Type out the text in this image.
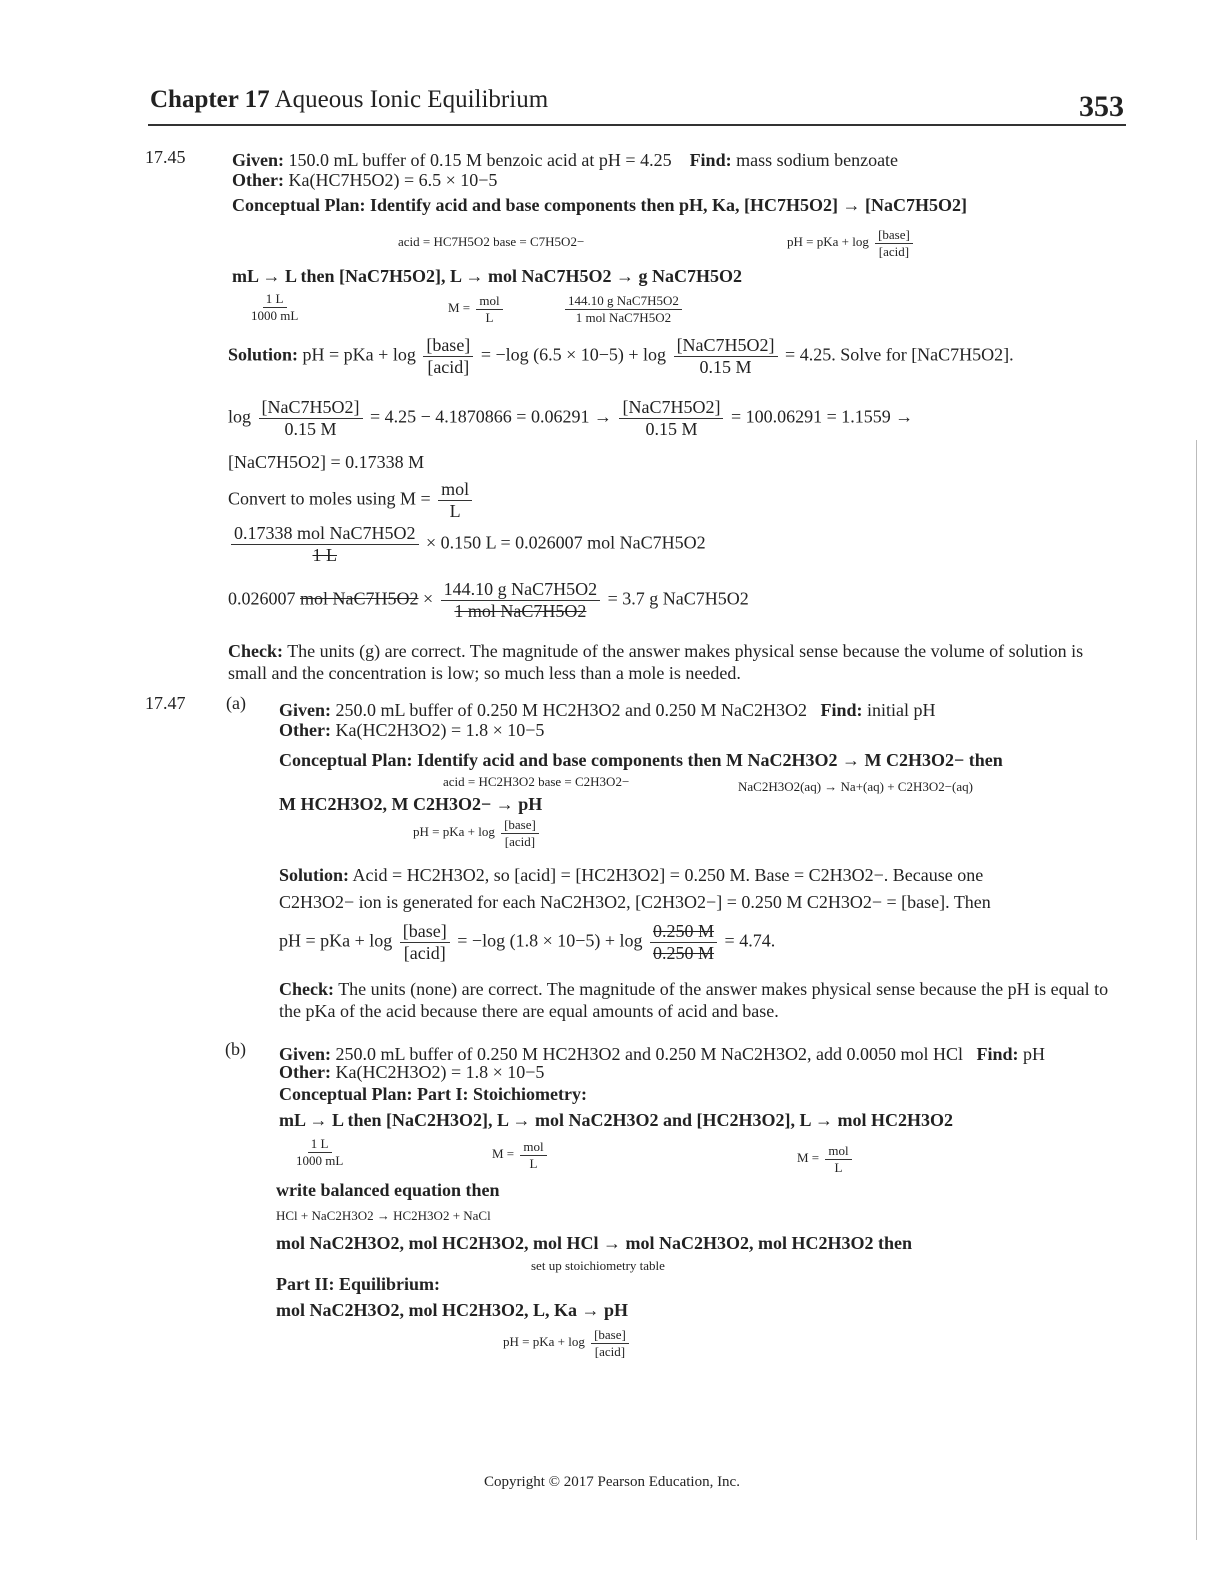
Chapter 17 Aqueous Ionic Equilibrium	353
17.45	Given: 150.0 mL buffer of 0.15 M benzoic acid at pH = 4.25 Find: mass sodium benzoate
Other: Ka(HC7H5O2) = 6.5 × 10−5
Conceptual Plan: Identify acid and base components then pH, Ka, [HC7H5O2] → [NaC7H5O2]
acid = HC7H5O2 base = C7H5O2−	pH = pKa + $\log \frac{\text{[base]}}{\text{[acid]}}$
mL → L then [NaC7H5O2], L → mol NaC7H5O2 → g NaC7H5O2
$\frac{1 L}{1000 mL}$	$M = \frac{\text{mol}}{L}$	$\frac{\text{144.10 g NaC7H5O2}}{\text{1 mol NaC7H5O2}}$
Solution: pH = pKa + $\log \frac{\text{[base]}}{\text{[acid]}} = -\log$ $(6.5 \times 10-5) + \log \frac{\text{[NaC7H5O2]}}{0.15 M} = 4.25$. Solve for [NaC7H5O2].
$\log \frac{\text{[NaC7H5O2]}}{0.15 M} = 4.25 - 4.1870866 = 0.06291 \to \frac{\text{[NaC7H5O2]}}{0.15 M} = 100.06291 = 1.1559$ →
[NaC7H5O2] = 0.17338 M
Convert to moles using $M = \frac{\text{mol}}{L}$
$\frac{\text{0.17338 mol NaC7H5O2}}{1 L} \times 0.150$ L = 0.026007 mol NaC7H5O2
0.026007 mol $NaC7H5O2 \times \frac{\text{144.10 g NaC7H5O2}}{\text{1 mol NaC7H5O2}} = 3.7$ g NaC7H5O2
Check: The units (g) are correct. The magnitude of the answer makes physical sense because the volume of solution is small and the concentration is low; so much less than a mole is needed.
17.47 (a) Given: 250.0 mL buffer of 0.250 M HC2H3O2 and 0.250 M NaC2H3O2 Find: initial pH
Other: Ka(HC2H3O2) = 1.8 × 10−5
Conceptual Plan: Identify acid and base components then M NaC2H3O2 → M C2H3O2− then
acid = HC2H3O2 base = C2H3O2−	NaC2H3O2(aq) → Na+(aq) + C2H3O2−(aq)
M HC2H3O2, M C2H3O2− → pH
pH = pKa + $\log \frac{\text{[base]}}{\text{[acid]}}$
Solution: Acid = HC2H3O2, so [acid] = [HC2H3O2] = 0.250 M. Base = C2H3O2−. Because one
C2H3O2− ion is generated for each NaC2H3O2, [C2H3O2−] = 0.250 M C2H3O2− = [base]. Then
pH = pKa + $\log \frac{\text{[base]}}{\text{[acid]}} = -\log$ $(1.8 \times 10-5) + \log \frac{0.250 M}{0.250 M} = 4.74$.
Check: The units (none) are correct. The magnitude of the answer makes physical sense because the pH is equal to the pKa of the acid because there are equal amounts of acid and base.
(b) Given: 250.0 mL buffer of 0.250 M HC2H3O2 and 0.250 M NaC2H3O2, add 0.0050 mol HCl Find: pH
Other: Ka(HC2H3O2) = 1.8 × 10−5
Conceptual Plan: Part I: Stoichiometry:
mL → L then [NaC2H3O2], L → mol NaC2H3O2 and [HC2H3O2], L → mol HC2H3O2
$\frac{1 L}{1000 mL}$	$M = \frac{\text{mol}}{L}$	$M = \frac{\text{mol}}{L}$
write balanced equation then
HCl + NaC2H3O2 → HC2H3O2 + NaCl
mol NaC2H3O2, mol HC2H3O2, mol HCl → mol NaC2H3O2, mol HC2H3O2 then
set up stoichiometry table
Part II: Equilibrium:
mol NaC2H3O2, mol HC2H3O2, L, Ka → pH
pH = pKa + $\log \frac{\text{[base]}}{\text{[acid]}}$
Copyright © 2017 Pearson Education, Inc.
